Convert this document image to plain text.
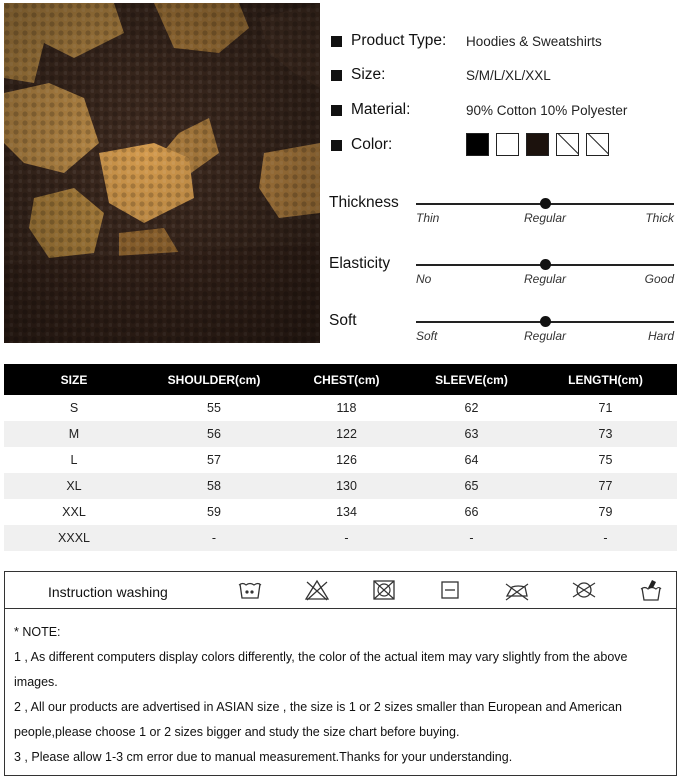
Product Type: Hoodies & Sweatshirts
Size:	S/M/L/XL/XXL
Material:	90% Cotton 10% Polyester
Color:
Thickness
Thin	Regular	Thick
Elasticity
No	Regular	Good
Soft
Soft	Regular	Hard
SIZE	SHOULDER(cm)	CHEST(cm)	SLEEVE(cm)	LENGTH(cm)
S	55	118	62	71
M	56	122	63	73
L	57	126	64	75
XL	58	130	65	77
XXL	59	134	66	79
XXXL	-	-	-	-
Instruction washing
* NOTE:
1 , As different computers display colors differently, the color of the actual item may vary slightly from the above
images.
2 , All our products are advertised in ASIAN size , the size is 1 or 2 sizes smaller than European and American
people,please choose 1 or 2 sizes bigger and study the size chart before buying.
3 , Please allow 1-3 cm error due to manual measurement.Thanks for your understanding.
